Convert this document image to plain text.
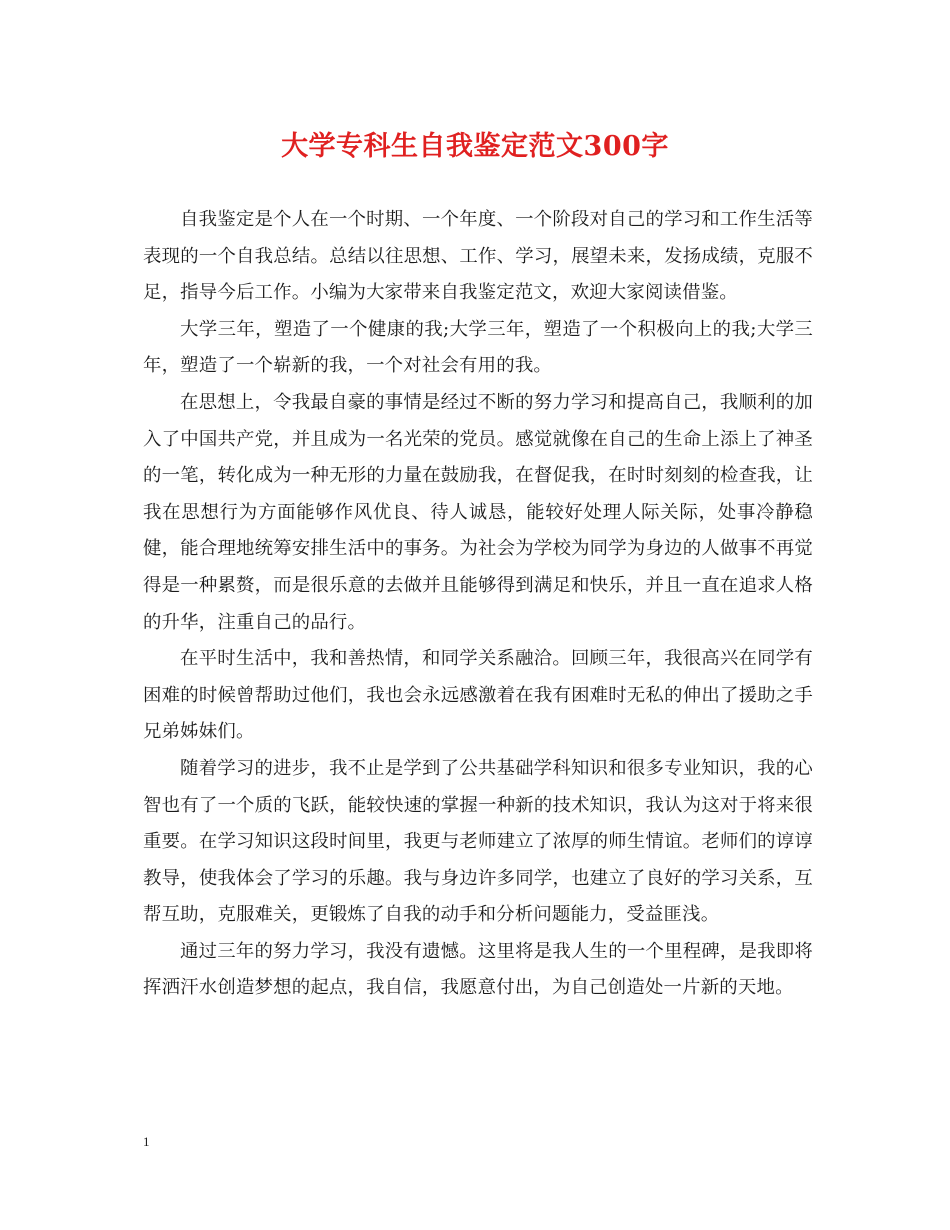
大学专科生自我鉴定范文300字

自我鉴定是个人在一个时期、一个年度、一个阶段对自己的学习和工作生活等表现的一个自我总结。总结以往思想、工作、学习，展望未来，发扬成绩，克服不足，指导今后工作。小编为大家带来自我鉴定范文，欢迎大家阅读借鉴。

大学三年，塑造了一个健康的我;大学三年，塑造了一个积极向上的我;大学三年，塑造了一个崭新的我，一个对社会有用的我。

在思想上，令我最自豪的事情是经过不断的努力学习和提高自己，我顺利的加入了中国共产党，并且成为一名光荣的党员。感觉就像在自己的生命上添上了神圣的一笔，转化成为一种无形的力量在鼓励我，在督促我，在时时刻刻的检查我，让我在思想行为方面能够作风优良、待人诚恳，能较好处理人际关际，处事冷静稳健，能合理地统筹安排生活中的事务。为社会为学校为同学为身边的人做事不再觉得是一种累赘，而是很乐意的去做并且能够得到满足和快乐，并且一直在追求人格的升华，注重自己的品行。

在平时生活中，我和善热情，和同学关系融洽。回顾三年，我很高兴在同学有困难的时候曾帮助过他们，我也会永远感激着在我有困难时无私的伸出了援助之手兄弟姊妹们。

随着学习的进步，我不止是学到了公共基础学科知识和很多专业知识，我的心智也有了一个质的飞跃，能较快速的掌握一种新的技术知识，我认为这对于将来很重要。在学习知识这段时间里，我更与老师建立了浓厚的师生情谊。老师们的谆谆教导，使我体会了学习的乐趣。我与身边许多同学，也建立了良好的学习关系，互帮互助，克服难关，更锻炼了自我的动手和分析问题能力，受益匪浅。

通过三年的努力学习，我没有遗憾。这里将是我人生的一个里程碑，是我即将挥洒汗水创造梦想的起点，我自信，我愿意付出，为自己创造处一片新的天地。

1
